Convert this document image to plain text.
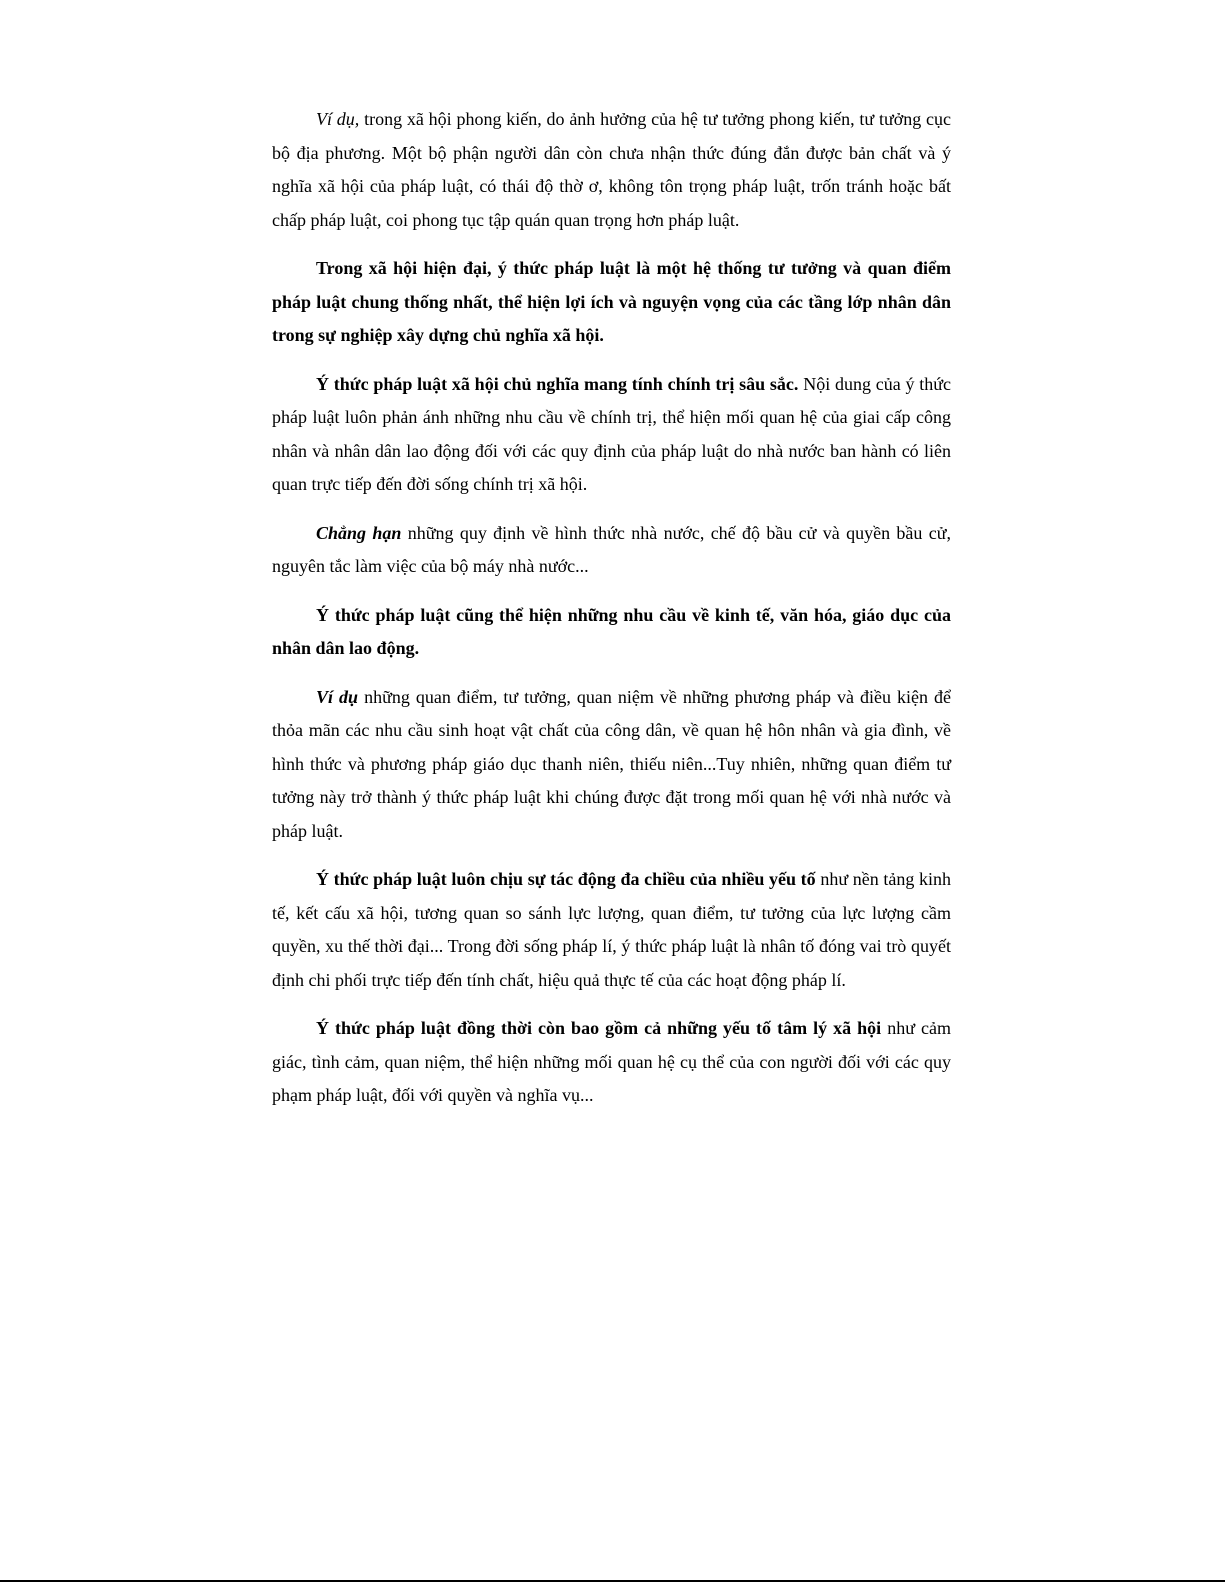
Ví dụ, trong xã hội phong kiến, do ảnh hưởng của hệ tư tưởng phong kiến, tư tưởng cục bộ địa phương. Một bộ phận người dân còn chưa nhận thức đúng đắn được bản chất và ý nghĩa xã hội của pháp luật, có thái độ thờ ơ, không tôn trọng pháp luật, trốn tránh hoặc bất chấp pháp luật, coi phong tục tập quán quan trọng hơn pháp luật.

Trong xã hội hiện đại, ý thức pháp luật là một hệ thống tư tưởng và quan điểm pháp luật chung thống nhất, thể hiện lợi ích và nguyện vọng của các tầng lớp nhân dân trong sự nghiệp xây dựng chủ nghĩa xã hội.

Ý thức pháp luật xã hội chủ nghĩa mang tính chính trị sâu sắc. Nội dung của ý thức pháp luật luôn phản ánh những nhu cầu về chính trị, thể hiện mối quan hệ của giai cấp công nhân và nhân dân lao động đối với các quy định của pháp luật do nhà nước ban hành có liên quan trực tiếp đến đời sống chính trị xã hội.

Chẳng hạn những quy định về hình thức nhà nước, chế độ bầu cử và quyền bầu cử, nguyên tắc làm việc của bộ máy nhà nước...

Ý thức pháp luật cũng thể hiện những nhu cầu về kinh tế, văn hóa, giáo dục của nhân dân lao động.

Ví dụ những quan điểm, tư tưởng, quan niệm về những phương pháp và điều kiện để thỏa mãn các nhu cầu sinh hoạt vật chất của công dân, về quan hệ hôn nhân và gia đình, về hình thức và phương pháp giáo dục thanh niên, thiếu niên...Tuy nhiên, những quan điểm tư tưởng này trở thành ý thức pháp luật khi chúng được đặt trong mối quan hệ với nhà nước và pháp luật.

Ý thức pháp luật luôn chịu sự tác động đa chiều của nhiều yếu tố như nền tảng kinh tế, kết cấu xã hội, tương quan so sánh lực lượng, quan điểm, tư tưởng của lực lượng cầm quyền, xu thế thời đại... Trong đời sống pháp lí, ý thức pháp luật là nhân tố đóng vai trò quyết định chi phối trực tiếp đến tính chất, hiệu quả thực tế của các hoạt động pháp lí.

Ý thức pháp luật đồng thời còn bao gồm cả những yếu tố tâm lý xã hội như cảm giác, tình cảm, quan niệm, thể hiện những mối quan hệ cụ thể của con người đối với các quy phạm pháp luật, đối với quyền và nghĩa vụ...
